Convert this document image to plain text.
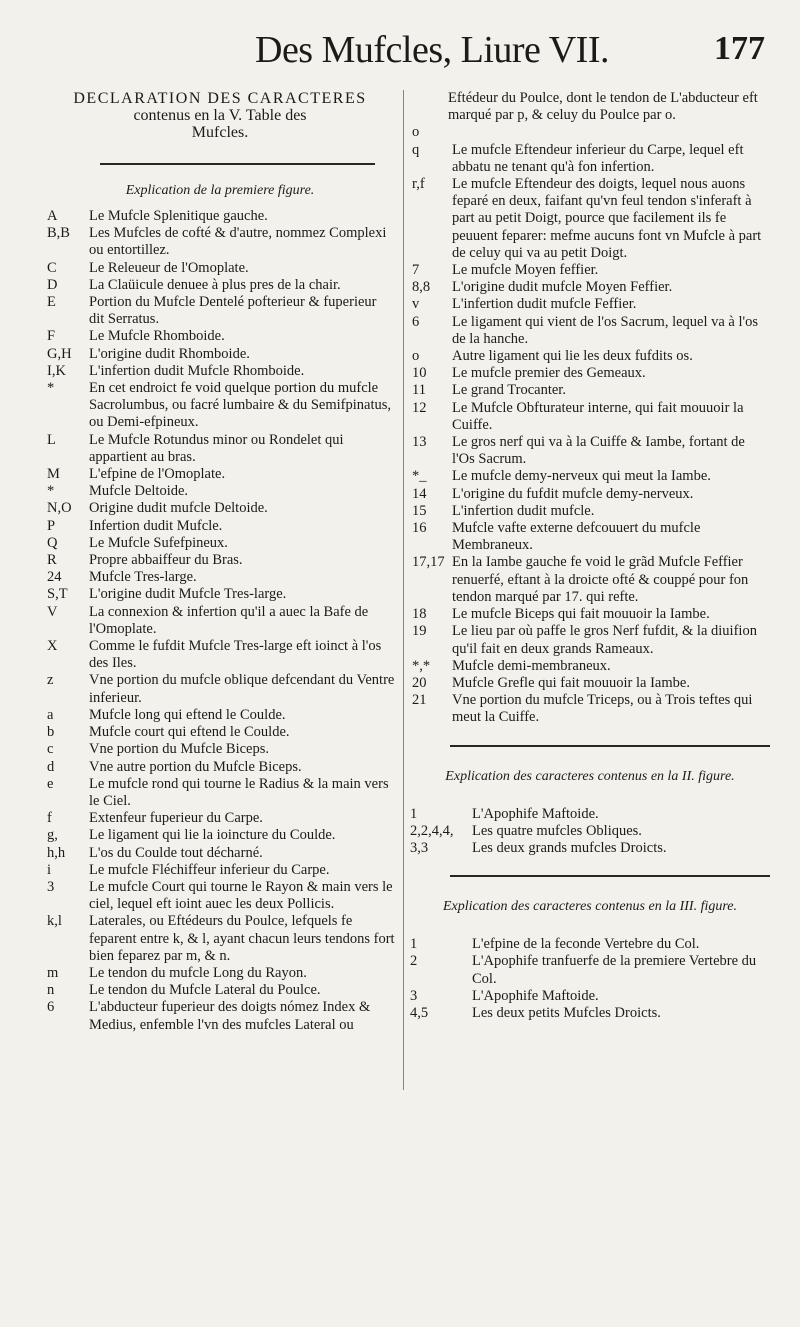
Des Mufcles, Liure VII.	177
DECLARATION DES CARACTERES
contenus en la V. Table des
Mufcles.
Explication de la premiere figure.
A	Le Mufcle Splenitique gauche.
B,B	Les Mufcles de cofté & d'autre, nommez Complexi ou entortillez.
C	Le Releueur de l'Omoplate.
D	La Claüicule denuee à plus pres de la chair.
E	Portion du Mufcle Dentelé pofterieur & fuperieur dit Serratus.
F	Le Mufcle Rhomboide.
G,H	L'origine dudit Rhomboide.
I,K	L'infertion dudit Mufcle Rhomboide.
*	En cet endroict fe void quelque portion du mufcle Sacrolumbus, ou facré lumbaire & du Semifpinatus, ou Demi-efpineux.
L	Le Mufcle Rotundus minor ou Rondelet qui appartient au bras.
M	L'efpine de l'Omoplate.
*	Mufcle Deltoide.
N,O	Origine dudit mufcle Deltoide.
P	Infertion dudit Mufcle.
Q	Le Mufcle Sufefpineux.
R	Propre abbaiffeur du Bras.
24	Mufcle Tres-large.
S,T	L'origine dudit Mufcle Tres-large.
V	La connexion & infertion qu'il a auec la Bafe de l'Omoplate.
X	Comme le fufdit Mufcle Tres-large eft ioinct à l'os des Iles.
z	Vne portion du mufcle oblique defcendant du Ventre inferieur.
a	Mufcle long qui eftend le Coulde.
b	Mufcle court qui eftend le Coulde.
c	Vne portion du Mufcle Biceps.
d	Vne autre portion du Mufcle Biceps.
e	Le mufcle rond qui tourne le Radius & la main vers le Ciel.
f	Extenfeur fuperieur du Carpe.
g,	Le ligament qui lie la ioincture du Coulde.
h,h	L'os du Coulde tout décharné.
i	Le mufcle Fléchiffeur inferieur du Carpe.
3	Le mufcle Court qui tourne le Rayon & main vers le ciel, lequel eft ioint auec les deux Pollicis.
k,l	Laterales, ou Eftédeurs du Poulce, lefquels fe feparent entre k, & l, ayant chacun leurs tendons fort bien feparez par m, & n.
m	Le tendon du mufcle Long du Rayon.
n	Le tendon du Mufcle Lateral du Poulce.
6	L'abducteur fuperieur des doigts nómez Index & Medius, enfemble l'vn des mufcles Lateral ou
Eftédeur du Poulce, dont le tendon de L'abducteur eft marqué par p, & celuy du Poulce par o.
o
q	Le mufcle Eftendeur inferieur du Carpe, lequel eft abbatu ne tenant qu'à fon infertion.
r,f	Le mufcle Eftendeur des doigts, lequel nous auons feparé en deux, faifant qu'vn feul tendon s'inferaft à part au petit Doigt, pource que facilement ils fe peuuent feparer: mefme aucuns font vn Mufcle à part de celuy qui va au petit Doigt.
7	Le mufcle Moyen feffier.
8,8	L'origine dudit mufcle Moyen Feffier.
v	L'infertion dudit mufcle Feffier.
6	Le ligament qui vient de l'os Sacrum, lequel va à l'os de la hanche.
o	Autre ligament qui lie les deux fufdits os.
10	Le mufcle premier des Gemeaux.
11	Le grand Trocanter.
12	Le Mufcle Obfturateur interne, qui fait mouuoir la Cuiffe.
13	Le gros nerf qui va à la Cuiffe & Iambe, fortant de l'Os Sacrum.
*_	Le mufcle demy-nerveux qui meut la Iambe.
14	L'origine du fufdit mufcle demy-nerveux.
15	L'infertion dudit mufcle.
16	Mufcle vafte externe defcouuert du mufcle Membraneux.
17,17 En la Iambe gauche fe void le grãd Mufcle Feffier renuerfé, eftant à la droicte ofté & couppé pour fon tendon marqué par 17. qui refte.
18	Le mufcle Biceps qui fait mouuoir la Iambe.
19	Le lieu par où paffe le gros Nerf fufdit, & la diuifion qu'il fait en deux grands Rameaux.
*,*	Mufcle demi-membraneux.
20	Mufcle Grefle qui fait mouuoir la Iambe.
21	Vne portion du mufcle Triceps, ou à Trois teftes qui meut la Cuiffe.
Explication des caracteres contenus en la II. figure.
1	L'Apophife Maftoide.
2,2,4,4,	Les quatre mufcles Obliques.
3,3	Les deux grands mufcles Droicts.
Explication des caracteres contenus en la III. figure.
1	L'efpine de la feconde Vertebre du Col.
2	L'Apophife tranfuerfe de la premiere Vertebre du Col.
3	L'Apophife Maftoide.
4,5	Les deux petits Mufcles Droicts.
